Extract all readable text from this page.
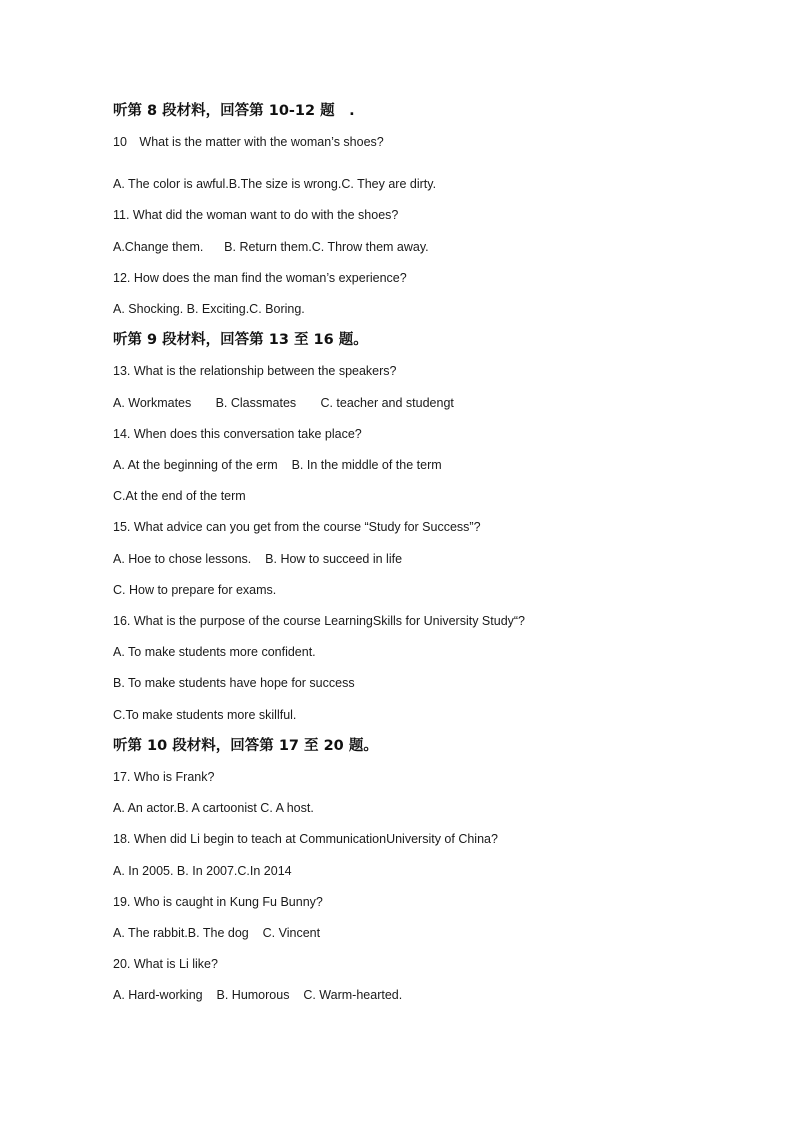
听第 8 段材料，回答第 10-12 题　.
10　What is the matter with the woman’s shoes?
A. The color is awful.B.The size is wrong.C. They are dirty.
11. What did the woman want to do with the shoes?
A.Change them.      B. Return them.C. Throw them away.
12. How does the man find the woman’s experience?
A. Shocking. B. Exciting.C. Boring.
听第 9 段材料，回答第 13 至 16 题。
13. What is the relationship between the speakers?
A. Workmates       B. Classmates       C. teacher and studengt
14. When does this conversation take place?
A. At the beginning of the erm    B. In the middle of the term
C.At the end of the term
15. What advice can you get from the course “Study for Success”?
A. Hoe to chose lessons.    B. How to succeed in life
C. How to prepare for exams.
16. What is the purpose of the course LearningSkills for University Study“?
A. To make students more confident.
B. To make students have hope for success
C.To make students more skillful.
听第 10 段材料，回答第 17 至 20 题。
17. Who is Frank?
A. An actor.B. A cartoonist C. A host.
18. When did Li begin to teach at CommunicationUniversity of China?
A. In 2005. B. In 2007.C.In 2014
19. Who is caught in Kung Fu Bunny?
A. The rabbit.B. The dog    C. Vincent
20. What is Li like?
A. Hard-working    B. Humorous    C. Warm-hearted.
